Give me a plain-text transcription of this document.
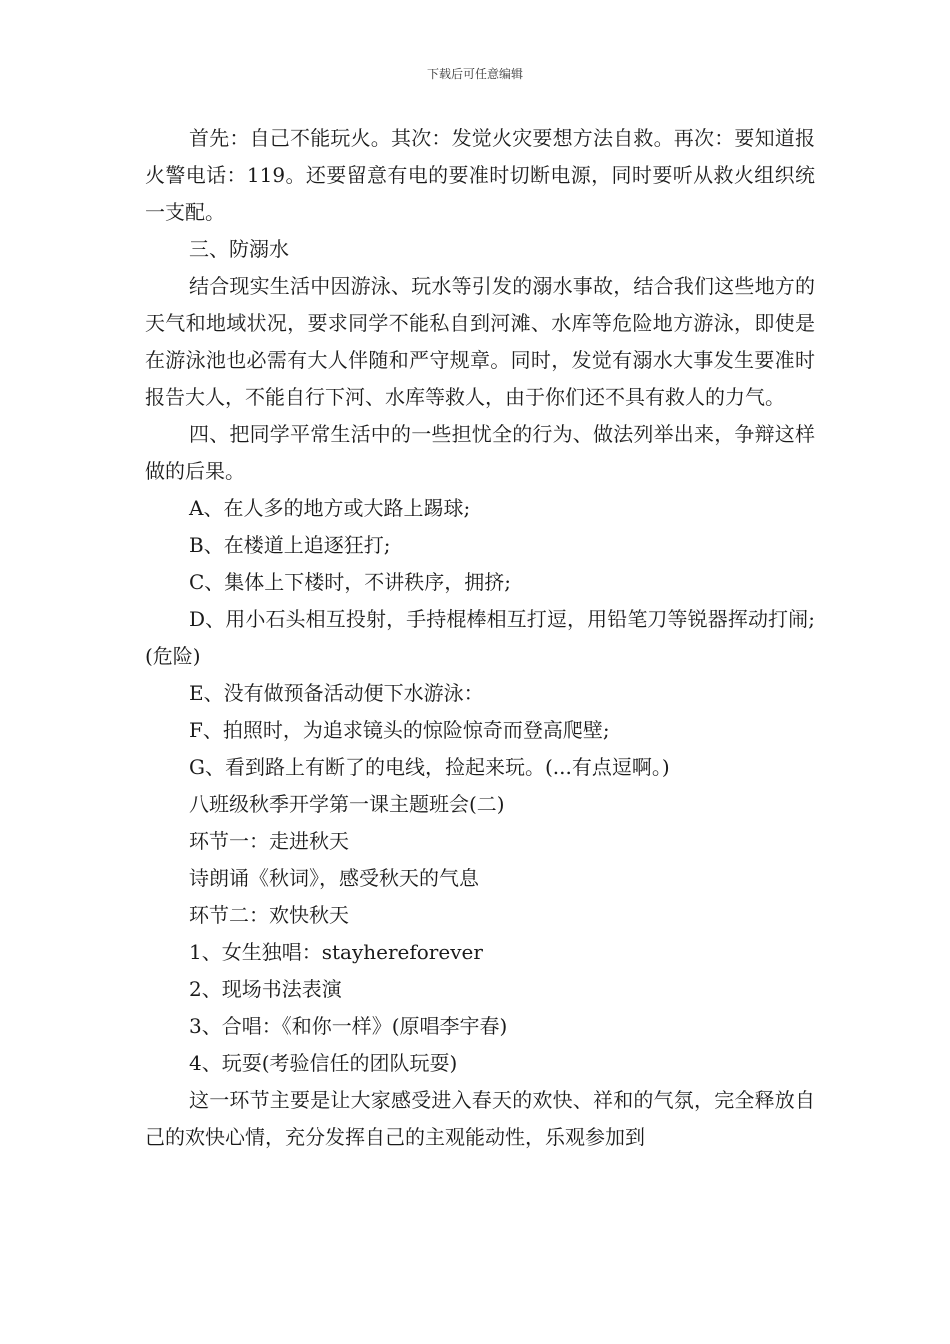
下载后可任意编辑

首先：自己不能玩火。其次：发觉火灾要想方法自救。再次：要知道报火警电话：119。还要留意有电的要准时切断电源，同时要听从救火组织统一支配。

三、防溺水

结合现实生活中因游泳、玩水等引发的溺水事故，结合我们这些地方的天气和地域状况，要求同学不能私自到河滩、水库等危险地方游泳，即使是在游泳池也必需有大人伴随和严守规章。同时，发觉有溺水大事发生要准时报告大人，不能自行下河、水库等救人，由于你们还不具有救人的力气。

四、把同学平常生活中的一些担忧全的行为、做法列举出来，争辩这样做的后果。

A、在人多的地方或大路上踢球;

B、在楼道上追逐狂打;

C、集体上下楼时，不讲秩序，拥挤;

D、用小石头相互投射，手持棍棒相互打逗，用铅笔刀等锐器挥动打闹;(危险)

E、没有做预备活动便下水游泳：

F、拍照时，为追求镜头的惊险惊奇而登高爬壁;

G、看到路上有断了的电线，捡起来玩。(...有点逗啊。)

八班级秋季开学第一课主题班会(二)

环节一：走进秋天

诗朗诵《秋词》，感受秋天的气息

环节二：欢快秋天

1、女生独唱：stayhereforever

2、现场书法表演

3、合唱：《和你一样》(原唱李宇春)

4、玩耍(考验信任的团队玩耍)

这一环节主要是让大家感受进入春天的欢快、祥和的气氛，完全释放自己的欢快心情，充分发挥自己的主观能动性，乐观参加到
